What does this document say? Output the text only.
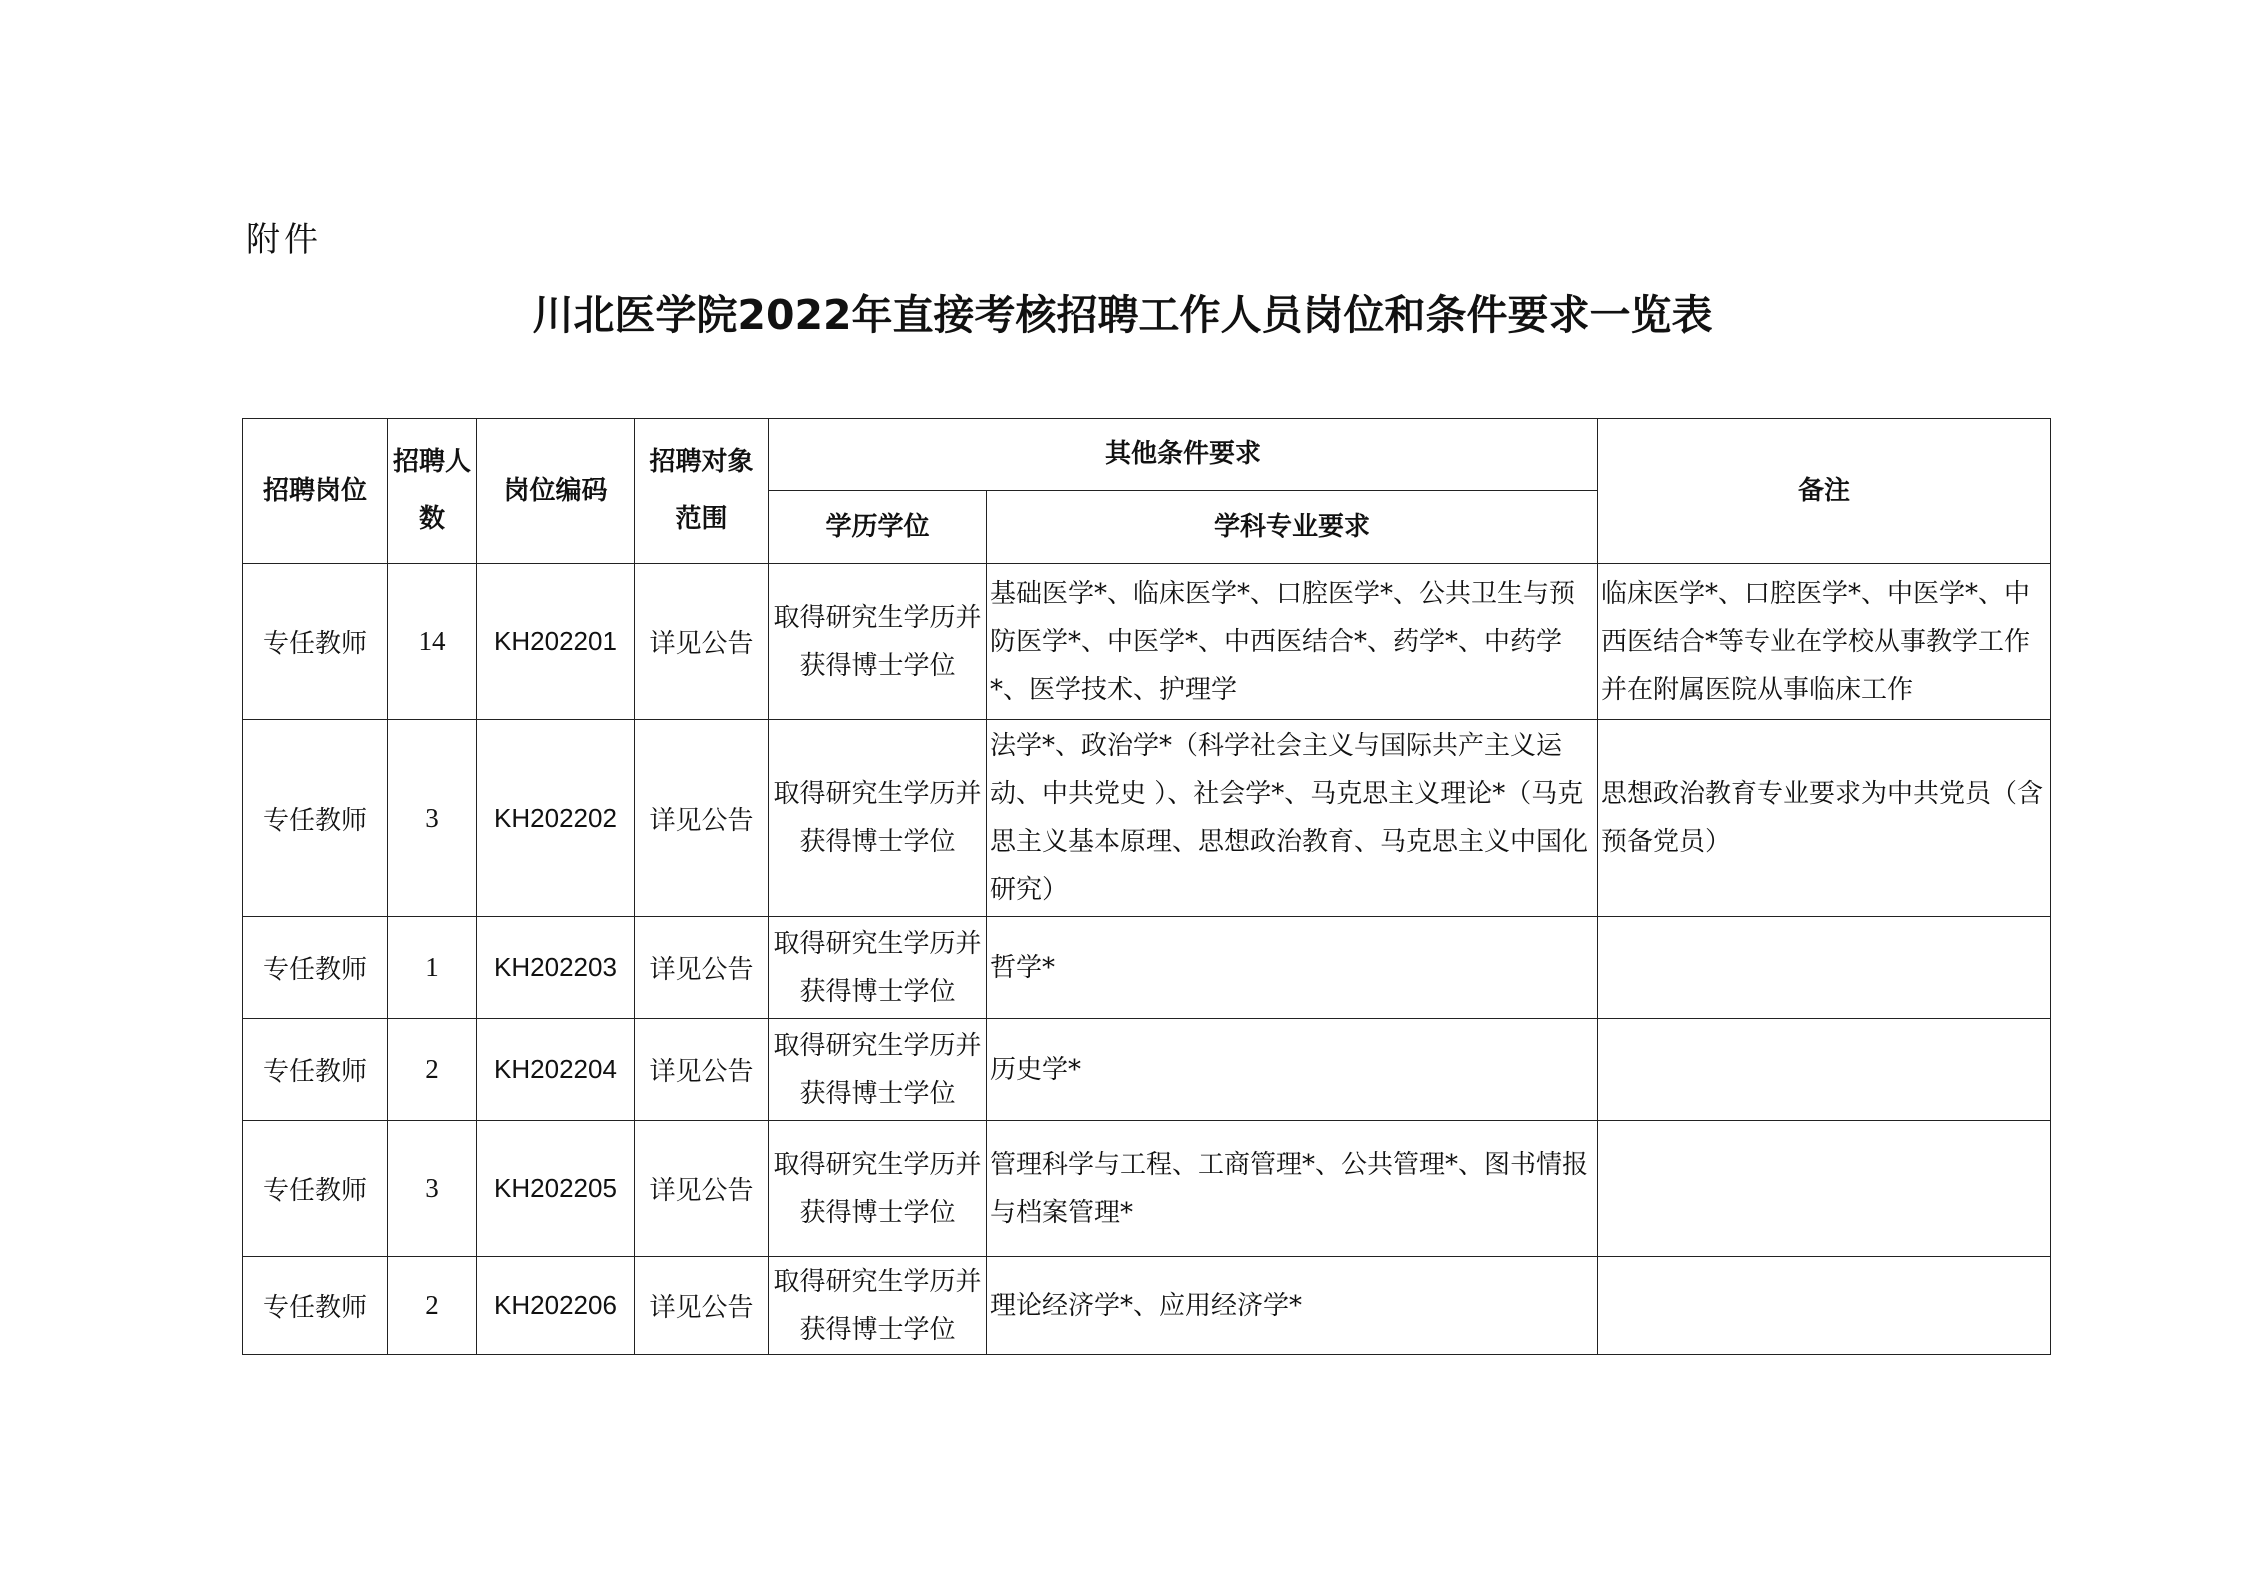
附件
川北医学院2022年直接考核招聘工作人员岗位和条件要求一览表
招聘岗位	招聘人数	岗位编码	招聘对象范围	其他条件要求		备注
				学历学位	学科专业要求	
专任教师	14	KH202201	详见公告	取得研究生学历并获得博士学位	基础医学*、临床医学*、口腔医学*、公共卫生与预防医学*、中医学*、中西医结合*、药学*、中药学*、医学技术、护理学	临床医学*、口腔医学*、中医学*、中西医结合*等专业在学校从事教学工作并在附属医院从事临床工作
专任教师	3	KH202202	详见公告	取得研究生学历并获得博士学位	法学*、政治学*（科学社会主义与国际共产主义运动、中共党史 ）、社会学*、马克思主义理论*（马克思主义基本原理、思想政治教育、马克思主义中国化研究）	思想政治教育专业要求为中共党员（含预备党员）
专任教师	1	KH202203	详见公告	取得研究生学历并获得博士学位	哲学*	
专任教师	2	KH202204	详见公告	取得研究生学历并获得博士学位	历史学*	
专任教师	3	KH202205	详见公告	取得研究生学历并获得博士学位	管理科学与工程、工商管理*、公共管理*、图书情报与档案管理*	
专任教师	2	KH202206	详见公告	取得研究生学历并获得博士学位	理论经济学*、应用经济学*	
